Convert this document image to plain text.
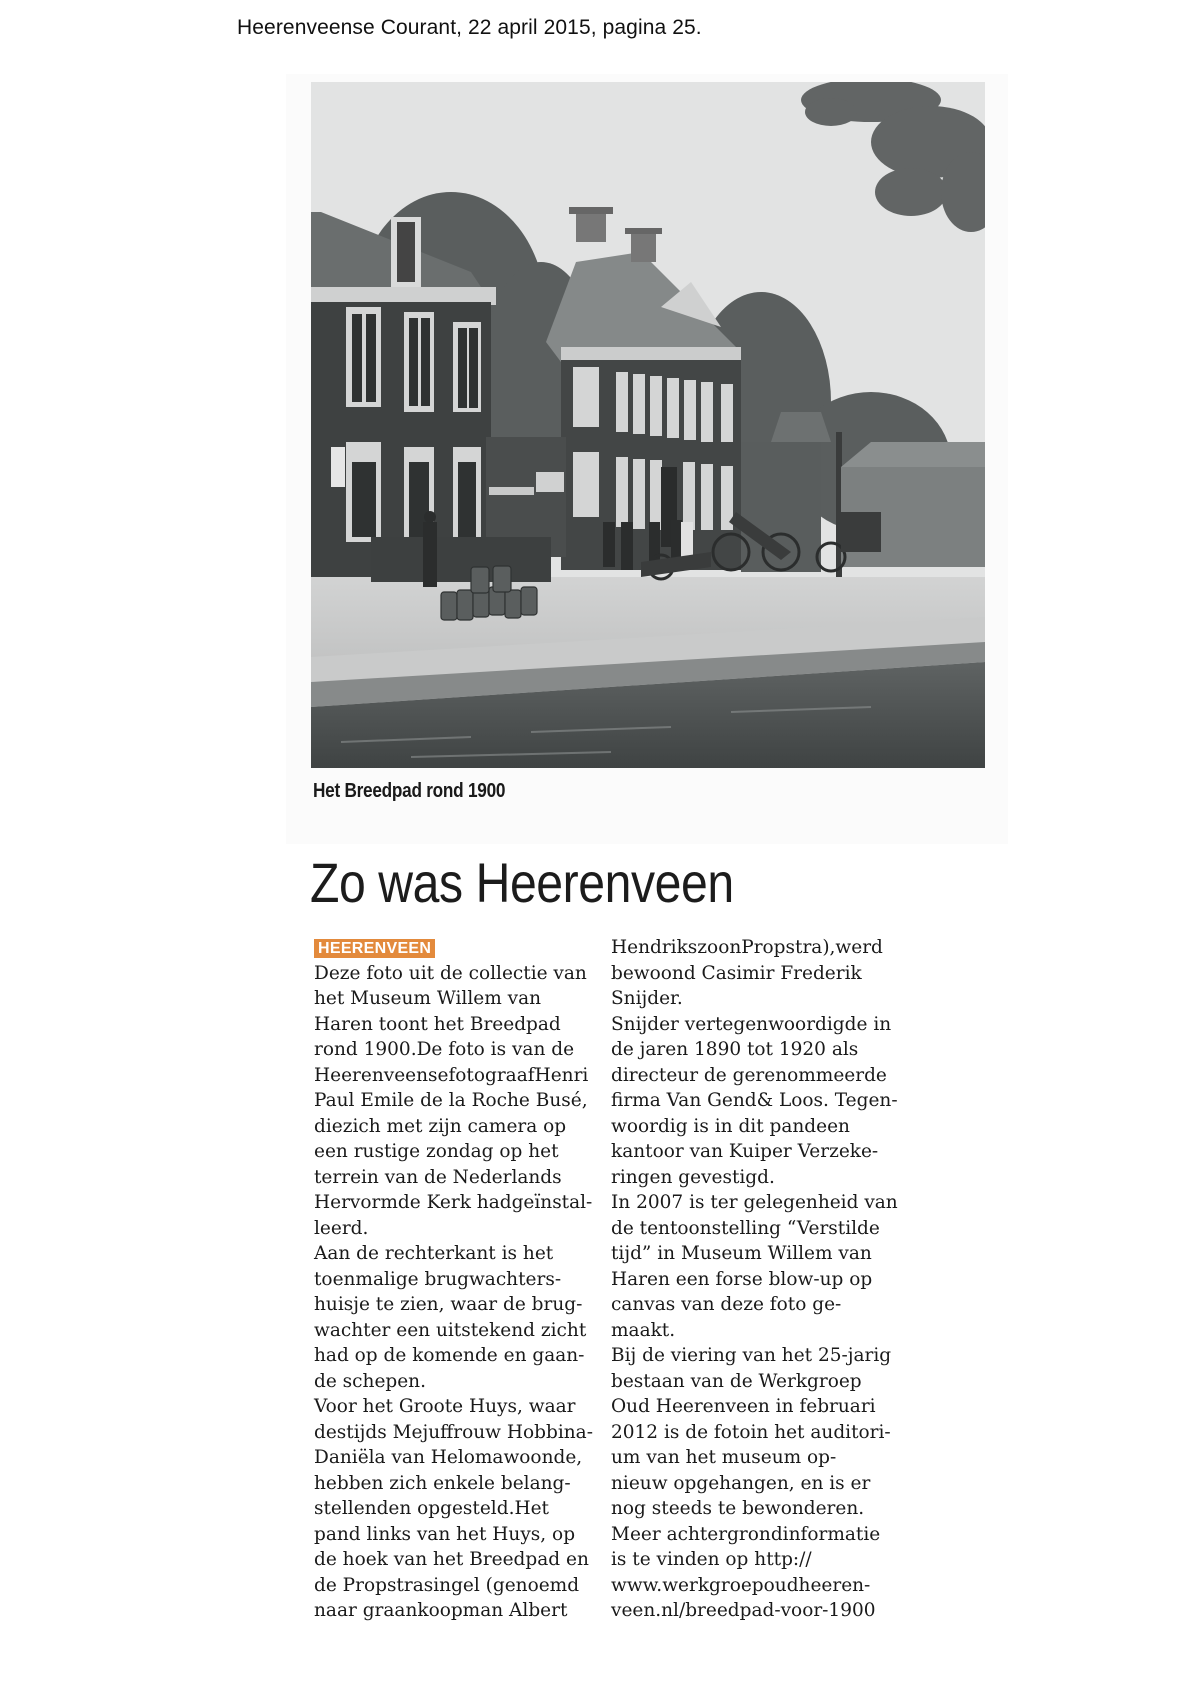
Heerenveense Courant, 22 april 2015, pagina 25.
Het Breedpad rond 1900
Zo was Heerenveen
HEERENVEEN
Deze foto uit de collectie van
het Museum Willem van
Haren toont het Breedpad
rond 1900.De foto is van de
HeerenveensefotograafHenri
Paul Emile de la Roche Busé,
diezich met zijn camera op
een rustige zondag op het
terrein van de Nederlands
Hervormde Kerk hadgeïnstal-
leerd.
Aan de rechterkant is het
toenmalige brugwachters-
huisje te zien, waar de brug-
wachter een uitstekend zicht
had op de komende en gaan-
de schepen.
Voor het Groote Huys, waar
destijds Mejuffrouw Hobbina-
Daniëla van Helomawoonde,
hebben zich enkele belang-
stellenden opgesteld.Het
pand links van het Huys, op
de hoek van het Breedpad en
de Propstrasingel (genoemd
naar graankoopman Albert
HendrikszoonPropstra),werd
bewoond Casimir Frederik
Snijder.
Snijder vertegenwoordigde in
de jaren 1890 tot 1920 als
directeur de gerenommeerde
firma Van Gend& Loos. Tegen-
woordig is in dit pandeen
kantoor van Kuiper Verzeke-
ringen gevestigd.
In 2007 is ter gelegenheid van
de tentoonstelling “Verstilde
tijd” in Museum Willem van
Haren een forse blow-up op
canvas van deze foto ge-
maakt.
Bij de viering van het 25-jarig
bestaan van de Werkgroep
Oud Heerenveen in februari
2012 is de fotoin het auditori-
um van het museum op-
nieuw opgehangen, en is er
nog steeds te bewonderen.
Meer achtergrondinformatie
is te vinden op http://
www.werkgroepoudheeren-
veen.nl/breedpad-voor-1900
